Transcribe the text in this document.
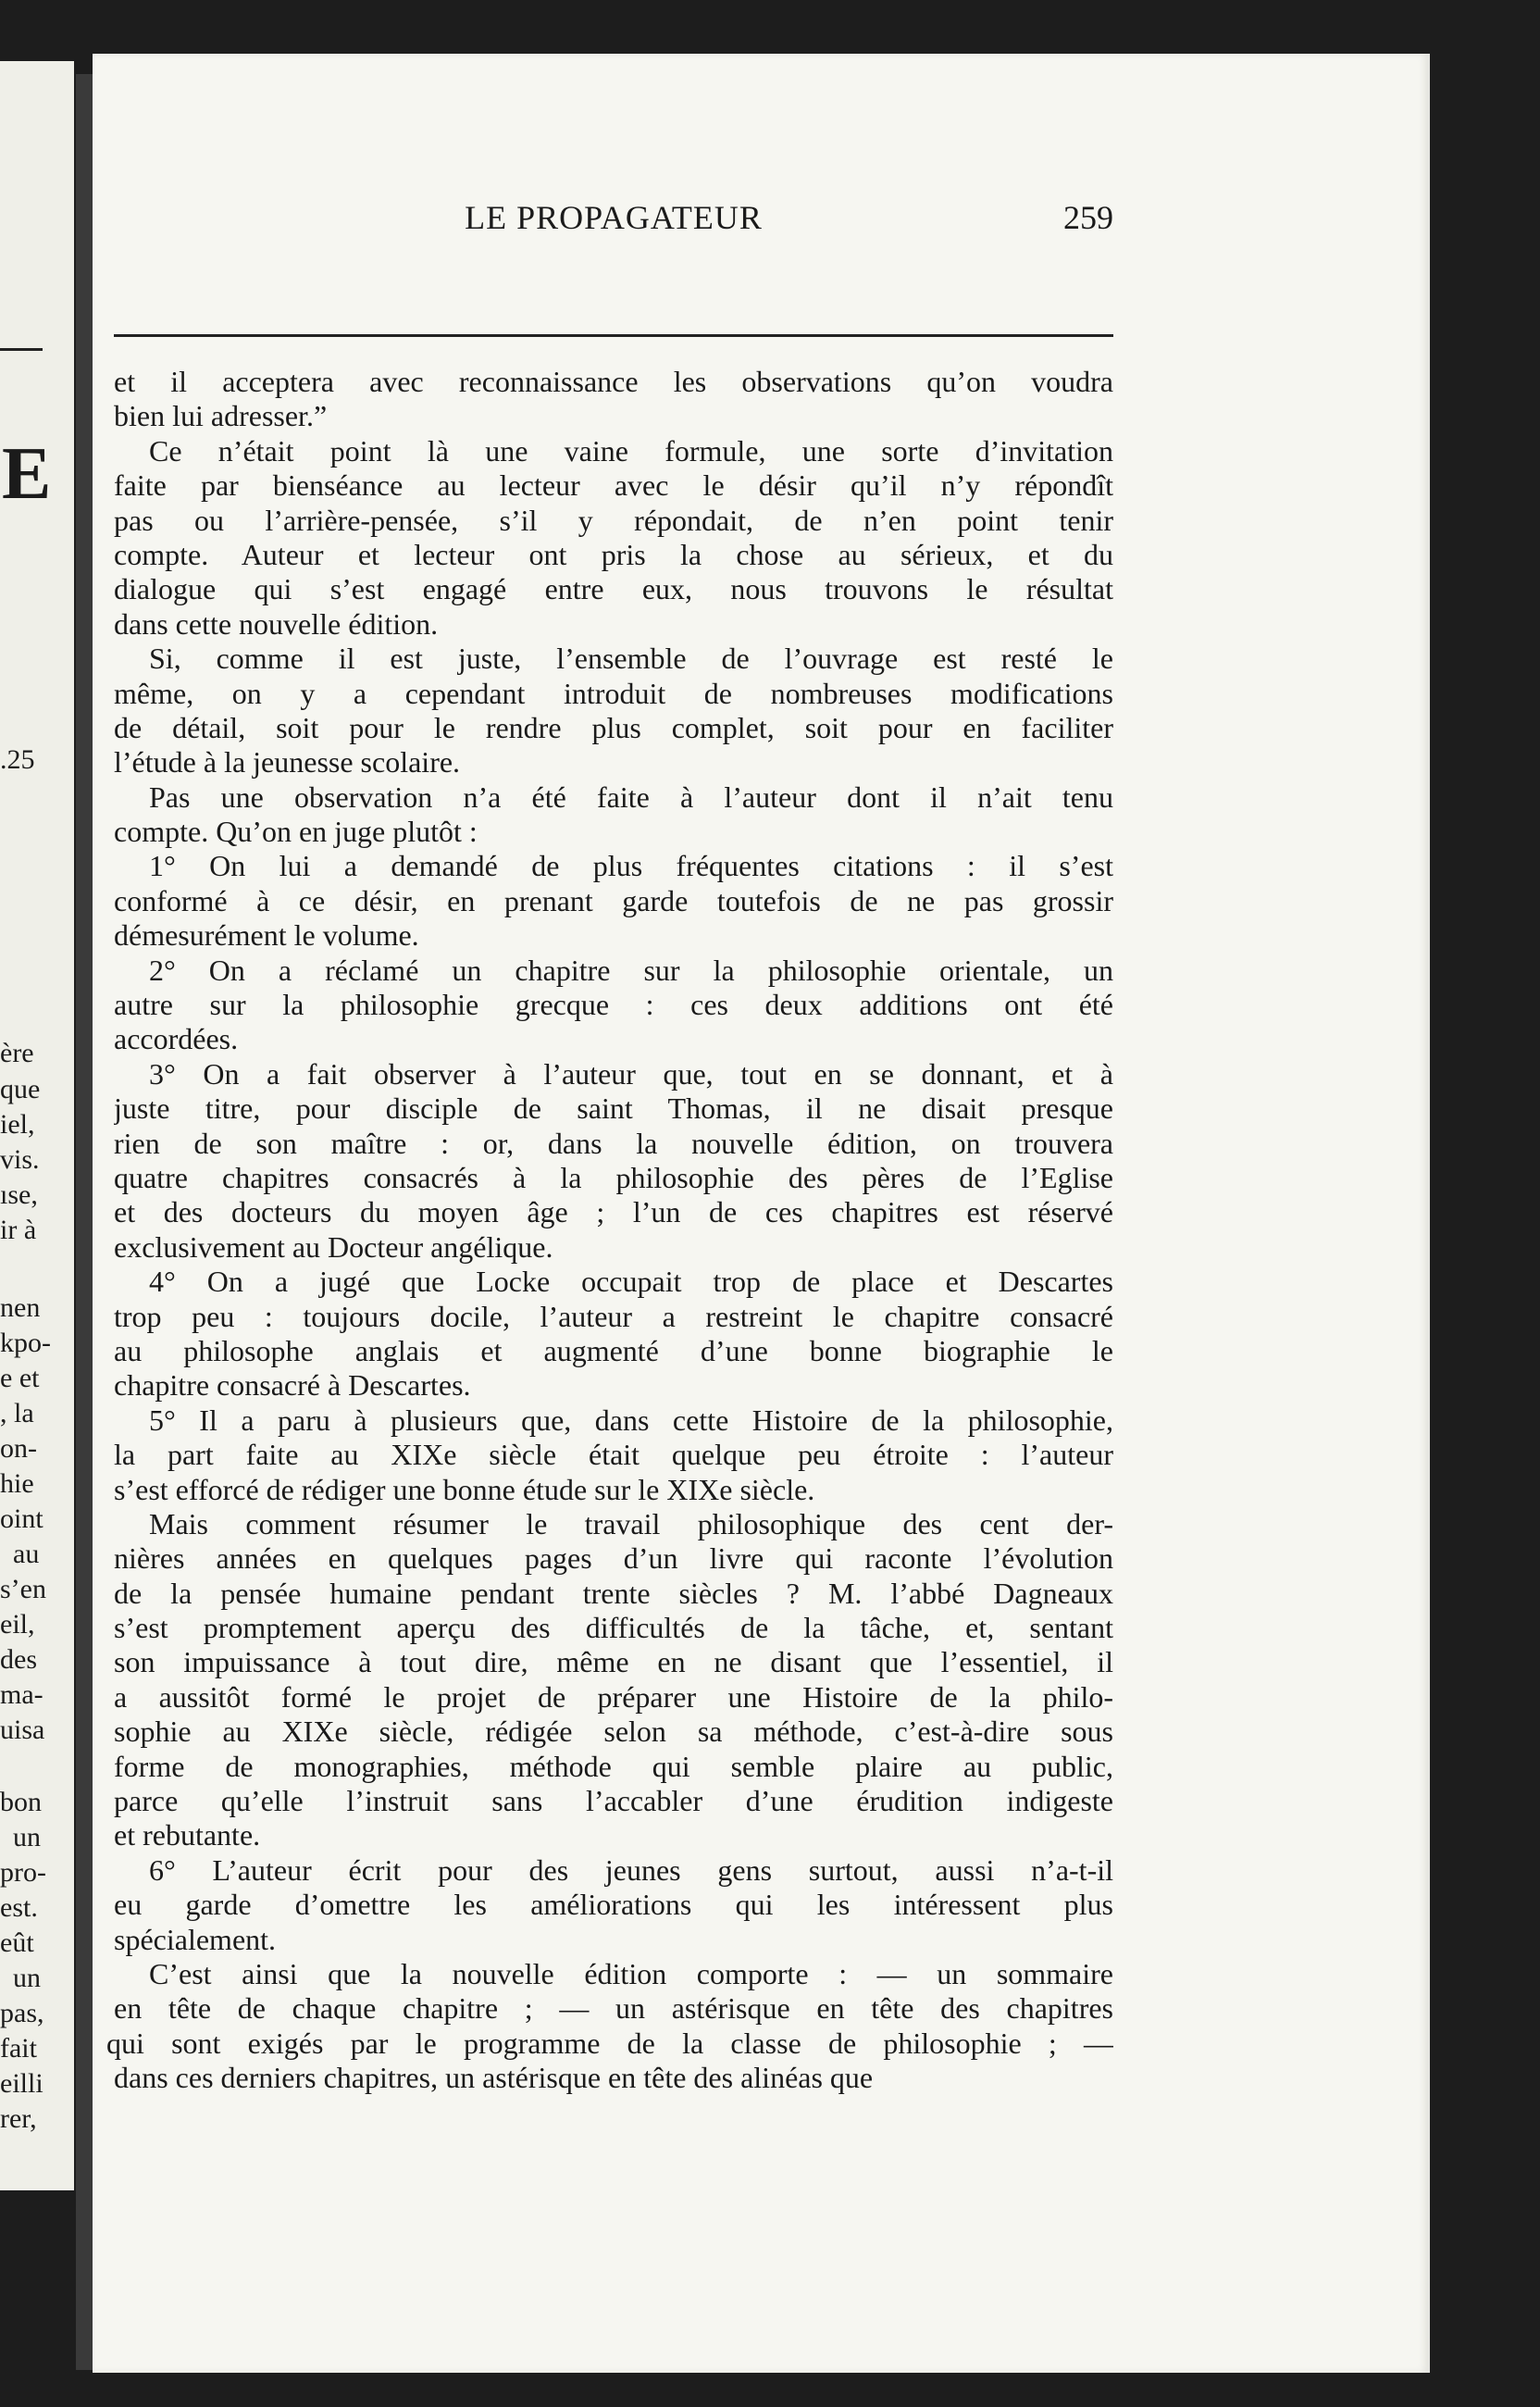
E
.25
ère
que
iel,
vis.
ıse,
ir à
nen
kpo-
e et
, la
on-
hie
oint
au
s’en
eil,
des
ma-
uisa
bon
un
pro-
est.
eût
un
pas,
fait
eilli
rer,
LE PROPAGATEUR	259
et il acceptera avec reconnaissance les observations qu’on voudra
bien lui adresser.”
Ce n’était point là une vaine formule, une sorte d’invitation
faite par bienséance au lecteur avec le désir qu’il n’y répondît
pas ou l’arrière-pensée, s’il y répondait, de n’en point tenir
compte. Auteur et lecteur ont pris la chose au sérieux, et du
dialogue qui s’est engagé entre eux, nous trouvons le résultat
dans cette nouvelle édition.
Si, comme il est juste, l’ensemble de l’ouvrage est resté le
même, on y a cependant introduit de nombreuses modifications
de détail, soit pour le rendre plus complet, soit pour en faciliter
l’étude à la jeunesse scolaire.
Pas une observation n’a été faite à l’auteur dont il n’ait tenu
compte. Qu’on en juge plutôt :
1° On lui a demandé de plus fréquentes citations : il s’est
conformé à ce désir, en prenant garde toutefois de ne pas grossir
démesurément le volume.
2° On a réclamé un chapitre sur la philosophie orientale, un
autre sur la philosophie grecque : ces deux additions ont été
accordées.
3° On a fait observer à l’auteur que, tout en se donnant, et à
juste titre, pour disciple de saint Thomas, il ne disait presque
rien de son maître : or, dans la nouvelle édition, on trouvera
quatre chapitres consacrés à la philosophie des pères de l’Eglise
et des docteurs du moyen âge ; l’un de ces chapitres est réservé
exclusivement au Docteur angélique.
4° On a jugé que Locke occupait trop de place et Descartes
trop peu : toujours docile, l’auteur a restreint le chapitre consacré
au philosophe anglais et augmenté d’une bonne biographie le
chapitre consacré à Descartes.
5° Il a paru à plusieurs que, dans cette Histoire de la philosophie,
la part faite au XIXe siècle était quelque peu étroite : l’auteur
s’est efforcé de rédiger une bonne étude sur le XIXe siècle.
Mais comment résumer le travail philosophique des cent der-
nières années en quelques pages d’un livre qui raconte l’évolution
de la pensée humaine pendant trente siècles ? M. l’abbé Dagneaux
s’est promptement aperçu des difficultés de la tâche, et, sentant
son impuissance à tout dire, même en ne disant que l’essentiel, il
a aussitôt formé le projet de préparer une Histoire de la philo-
sophie au XIXe siècle, rédigée selon sa méthode, c’est-à-dire sous
forme de monographies, méthode qui semble plaire au public,
parce qu’elle l’instruit sans l’accabler d’une érudition indigeste
et rebutante.
6° L’auteur écrit pour des jeunes gens surtout, aussi n’a-t-il
eu garde d’omettre les améliorations qui les intéressent plus
spécialement.
C’est ainsi que la nouvelle édition comporte : — un sommaire
en tête de chaque chapitre ; — un astérisque en tête des chapitres
qui sont exigés par le programme de la classe de philosophie ; —
dans ces derniers chapitres, un astérisque en tête des alinéas que
